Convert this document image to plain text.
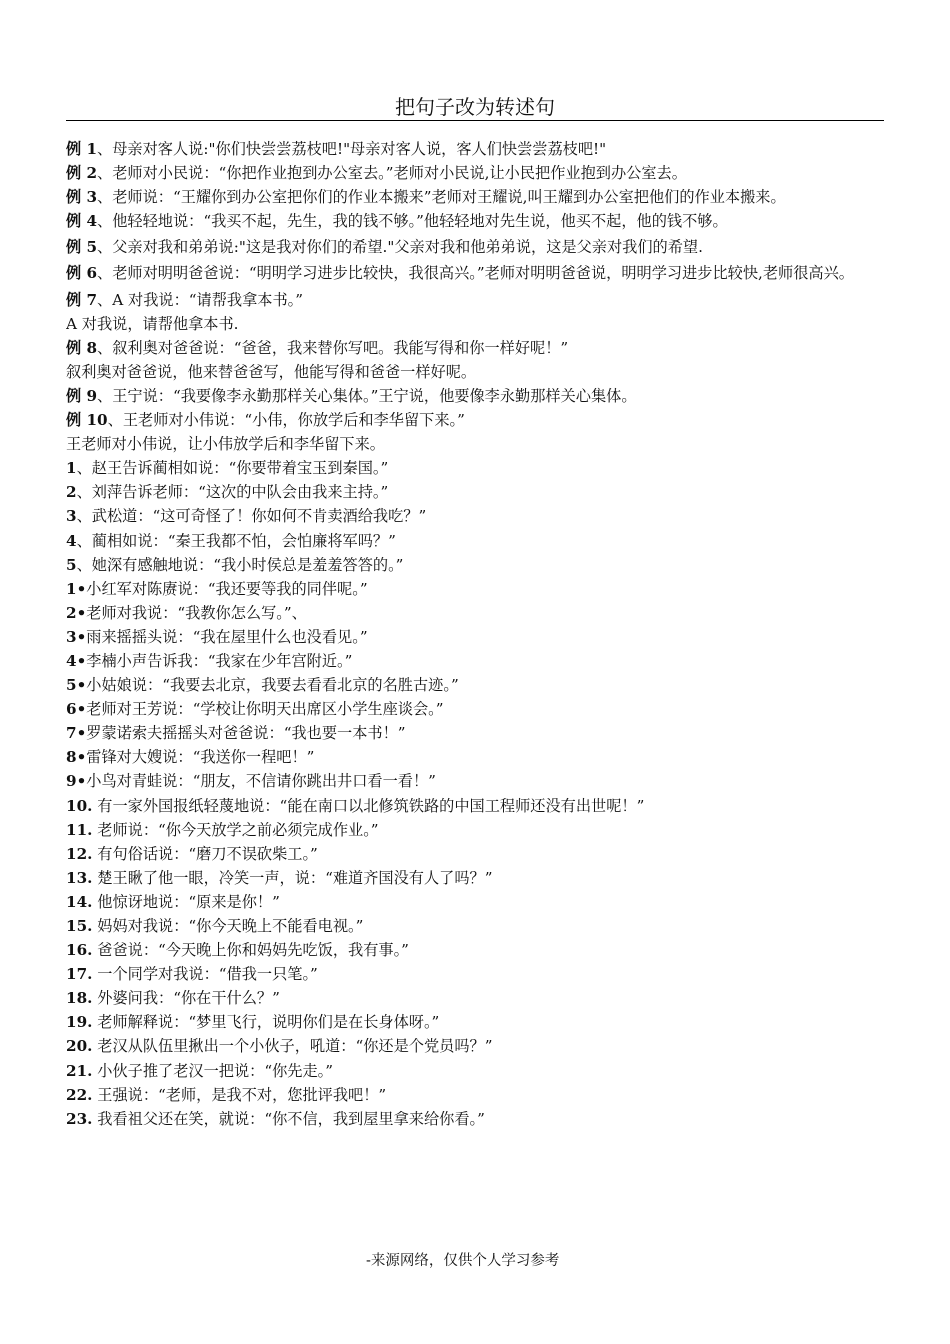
把句子改为转述句
例 1、母亲对客人说:"你们快尝尝荔枝吧!"母亲对客人说，客人们快尝尝荔枝吧!"
例 2、老师对小民说：“你把作业抱到办公室去。”老师对小民说,让小民把作业抱到办公室去。
例 3、老师说：“王耀你到办公室把你们的作业本搬来”老师对王耀说,叫王耀到办公室把他们的作业本搬来。
例 4、他轻轻地说：“我买不起，先生，我的钱不够。”他轻轻地对先生说，他买不起，他的钱不够。
例 5、父亲对我和弟弟说:"这是我对你们的希望."父亲对我和他弟弟说，这是父亲对我们的希望.
例 6、老师对明明爸爸说：“明明学习进步比较快，我很高兴。”老师对明明爸爸说，明明学习进步比较快,老师很高兴。
例 7、A 对我说：“请帮我拿本书。”
A 对我说，请帮他拿本书.
例 8、叙利奥对爸爸说：“爸爸，我来替你写吧。我能写得和你一样好呢！”
叙利奥对爸爸说，他来替爸爸写，他能写得和爸爸一样好呢。
例 9、王宁说：“我要像李永勤那样关心集体。”王宁说，他要像李永勤那样关心集体。
例 10、王老师对小伟说：“小伟，你放学后和李华留下来。”
王老师对小伟说，让小伟放学后和李华留下来。
1、赵王告诉蔺相如说：“你要带着宝玉到秦国。”
2、刘萍告诉老师：“这次的中队会由我来主持。”
3、武松道：“这可奇怪了！你如何不肯卖酒给我吃？”
4、蔺相如说：“秦王我都不怕，会怕廉将军吗？”
5、她深有感触地说：“我小时侯总是羞羞答答的。”
1•小红军对陈赓说：“我还要等我的同伴呢。”
2•老师对我说：“我教你怎么写。”、
3•雨来摇摇头说：“我在屋里什么也没看见。”
4•李楠小声告诉我：“我家在少年宫附近。”
5•小姑娘说：“我要去北京，我要去看看北京的名胜古迹。”
6•老师对王芳说：“学校让你明天出席区小学生座谈会。”
7•罗蒙诺索夫摇摇头对爸爸说：“我也要一本书！”
8•雷锋对大嫂说：“我送你一程吧！”
9•小鸟对青蛙说：“朋友，不信请你跳出井口看一看！”
10. 有一家外国报纸轻蔑地说：“能在南口以北修筑铁路的中国工程师还没有出世呢！”
11. 老师说：“你今天放学之前必须完成作业。”
12. 有句俗话说：“磨刀不误砍柴工。”
13. 楚王瞅了他一眼，冷笑一声，说：“难道齐国没有人了吗？”
14. 他惊讶地说：“原来是你！”
15. 妈妈对我说：“你今天晚上不能看电视。”
16. 爸爸说：“今天晚上你和妈妈先吃饭，我有事。”
17. 一个同学对我说：“借我一只笔。”
18. 外婆问我：“你在干什么？”
19. 老师解释说：“梦里飞行，说明你们是在长身体呀。”
20. 老汉从队伍里揪出一个小伙子，吼道：“你还是个党员吗？”
21. 小伙子推了老汉一把说：“你先走。”
22. 王强说：“老师，是我不对，您批评我吧！”
23. 我看祖父还在笑，就说：“你不信，我到屋里拿来给你看。”
-来源网络，仅供个人学习参考
